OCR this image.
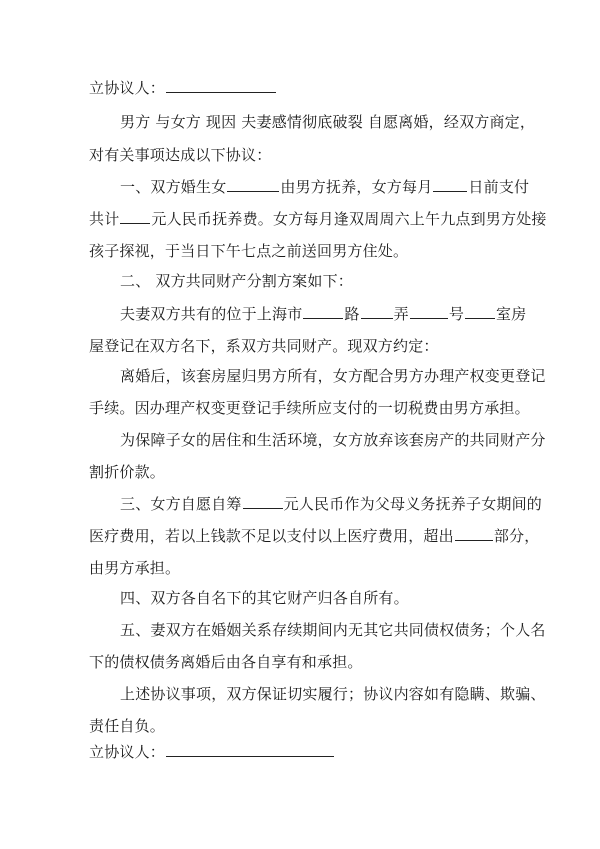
立协议人：
男方 与女方 现因 夫妻感情彻底破裂 自愿离婚，经双方商定，
对有关事项达成以下协议：
一、双方婚生女	由男方抚养，女方每月 日前支付
共计 元人民币抚养费。女方每月逢双周周六上午九点到男方处接
孩子探视，于当日下午七点之前送回男方住处。
二、 双方共同财产分割方案如下：
夫妻双方共有的位于上海市	路 弄	号 室房
屋登记在双方名下，系双方共同财产。现双方约定：
离婚后，该套房屋归男方所有，女方配合男方办理产权变更登记
手续。因办理产权变更登记手续所应支付的一切税费由男方承担。
为保障子女的居住和生活环境，女方放弃该套房产的共同财产分
割折价款。
三、女方自愿自筹	元人民币作为父母义务抚养子女期间的
医疗费用，若以上钱款不足以支付以上医疗费用，超出	部分，
由男方承担。
四、双方各自名下的其它财产归各自所有。
五、妻双方在婚姻关系存续期间内无其它共同债权债务；个人名
下的债权债务离婚后由各自享有和承担。
上述协议事项，双方保证切实履行；协议内容如有隐瞒、欺骗、
责任自负。
立协议人：
